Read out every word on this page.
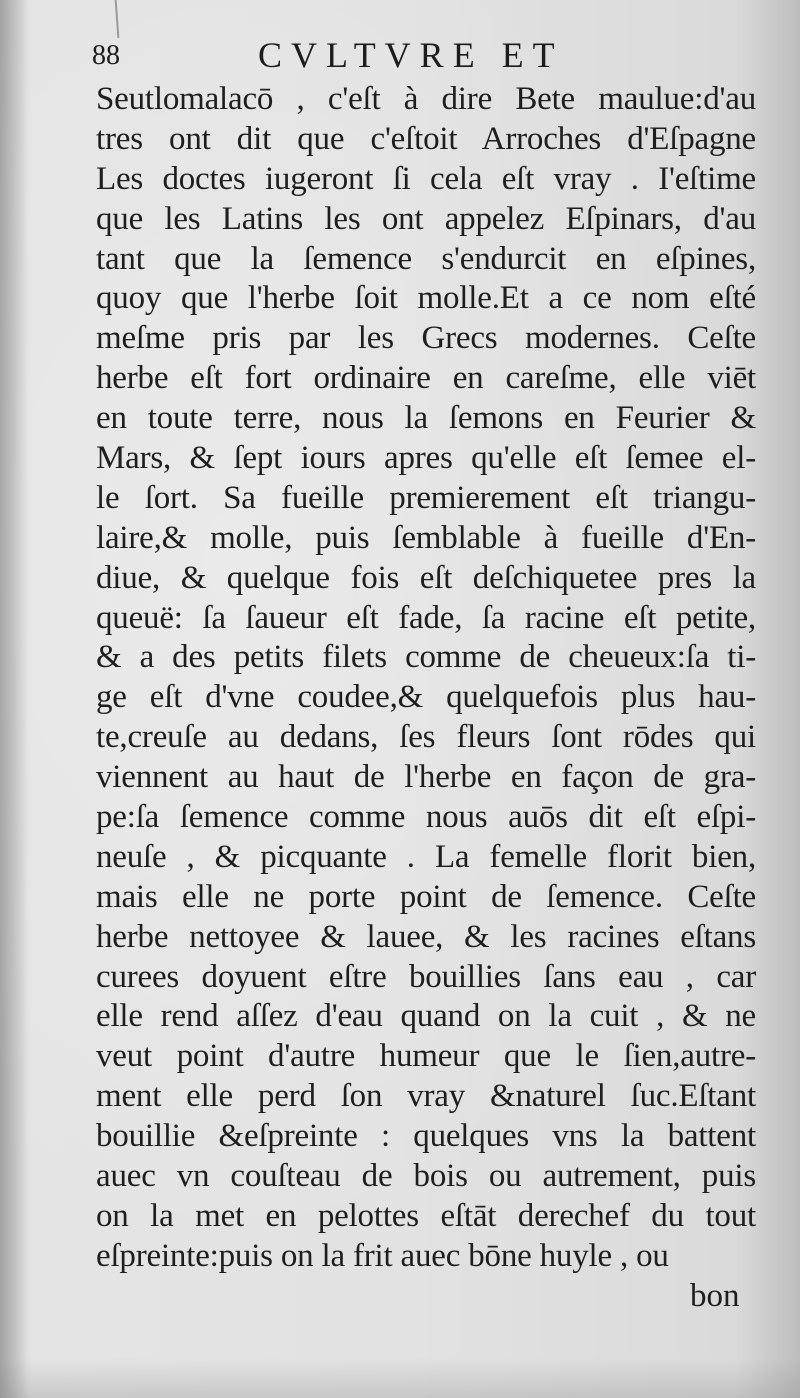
88	CVLTVRE ET
Seutlomalacō , c'eſt à dire Bete maulue:d'au
tres ont dit que c'eſtoit Arroches d'Eſpagne
Les doctes iugeront ſi cela eſt vray . I'eſtime
que les Latins les ont appelez Eſpinars, d'au
tant que la ſemence s'endurcit en eſpines,
quoy que l'herbe ſoit molle.Et a ce nom eſté
meſme pris par les Grecs modernes. Ceſte
herbe eſt fort ordinaire en careſme, elle viēt
en toute terre, nous la ſemons en Feurier &
Mars, & ſept iours apres qu'elle eſt ſemee el-
le ſort. Sa fueille premierement eſt triangu-
laire,& molle, puis ſemblable à fueille d'En-
diue, & quelque fois eſt deſchiquetee pres la
queuë: ſa ſaueur eſt fade, ſa racine eſt petite,
& a des petits filets comme de cheueux:ſa ti-
ge eſt d'vne coudee,& quelquefois plus hau-
te,creuſe au dedans, ſes fleurs ſont rōdes qui
viennent au haut de l'herbe en façon de gra-
pe:ſa ſemence comme nous auōs dit eſt eſpi-
neuſe , & picquante . La femelle florit bien,
mais elle ne porte point de ſemence. Ceſte
herbe nettoyee & lauee, & les racines eſtans
curees doyuent eſtre bouillies ſans eau , car
elle rend aſſez d'eau quand on la cuit , & ne
veut point d'autre humeur que le ſien,autre-
ment elle perd ſon vray &naturel ſuc.Eſtant
bouillie &eſpreinte : quelques vns la battent
auec vn couſteau de bois ou autrement, puis
on la met en pelottes eſtāt derechef du tout
eſpreinte:puis on la frit auec bōne huyle , ou
bon
